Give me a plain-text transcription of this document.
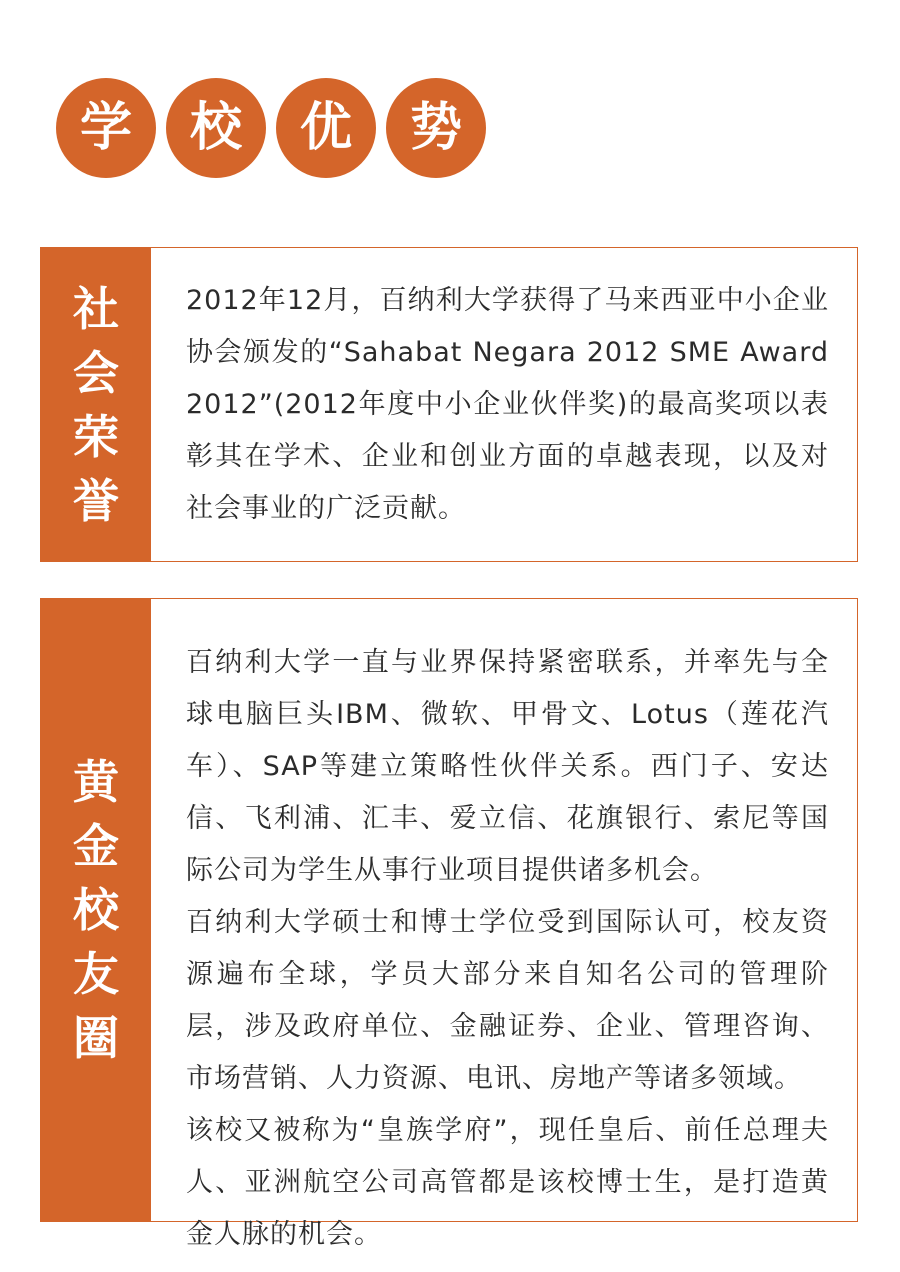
学	校	优	势
社
会
荣
誉

2012年12月，百纳利大学获得了马来西亚中小企业协会颁发的“Sahabat Negara 2012 SME Award 2012”(2012年度中小企业伙伴奖)的最高奖项以表彰其在学术、企业和创业方面的卓越表现，以及对社会事业的广泛贡献。

黄
金
校
友
圈

百纳利大学一直与业界保持紧密联系，并率先与全球电脑巨头IBM、微软、甲骨文、Lotus（莲花汽车）、SAP等建立策略性伙伴关系。西门子、安达信、飞利浦、汇丰、爱立信、花旗银行、索尼等国际公司为学生从事行业项目提供诸多机会。

百纳利大学硕士和博士学位受到国际认可，校友资源遍布全球，学员大部分来自知名公司的管理阶层，涉及政府单位、金融证券、企业、管理咨询、市场营销、人力资源、电讯、房地产等诸多领域。

该校又被称为“皇族学府”，现任皇后、前任总理夫人、亚洲航空公司高管都是该校博士生，是打造黄金人脉的机会。
